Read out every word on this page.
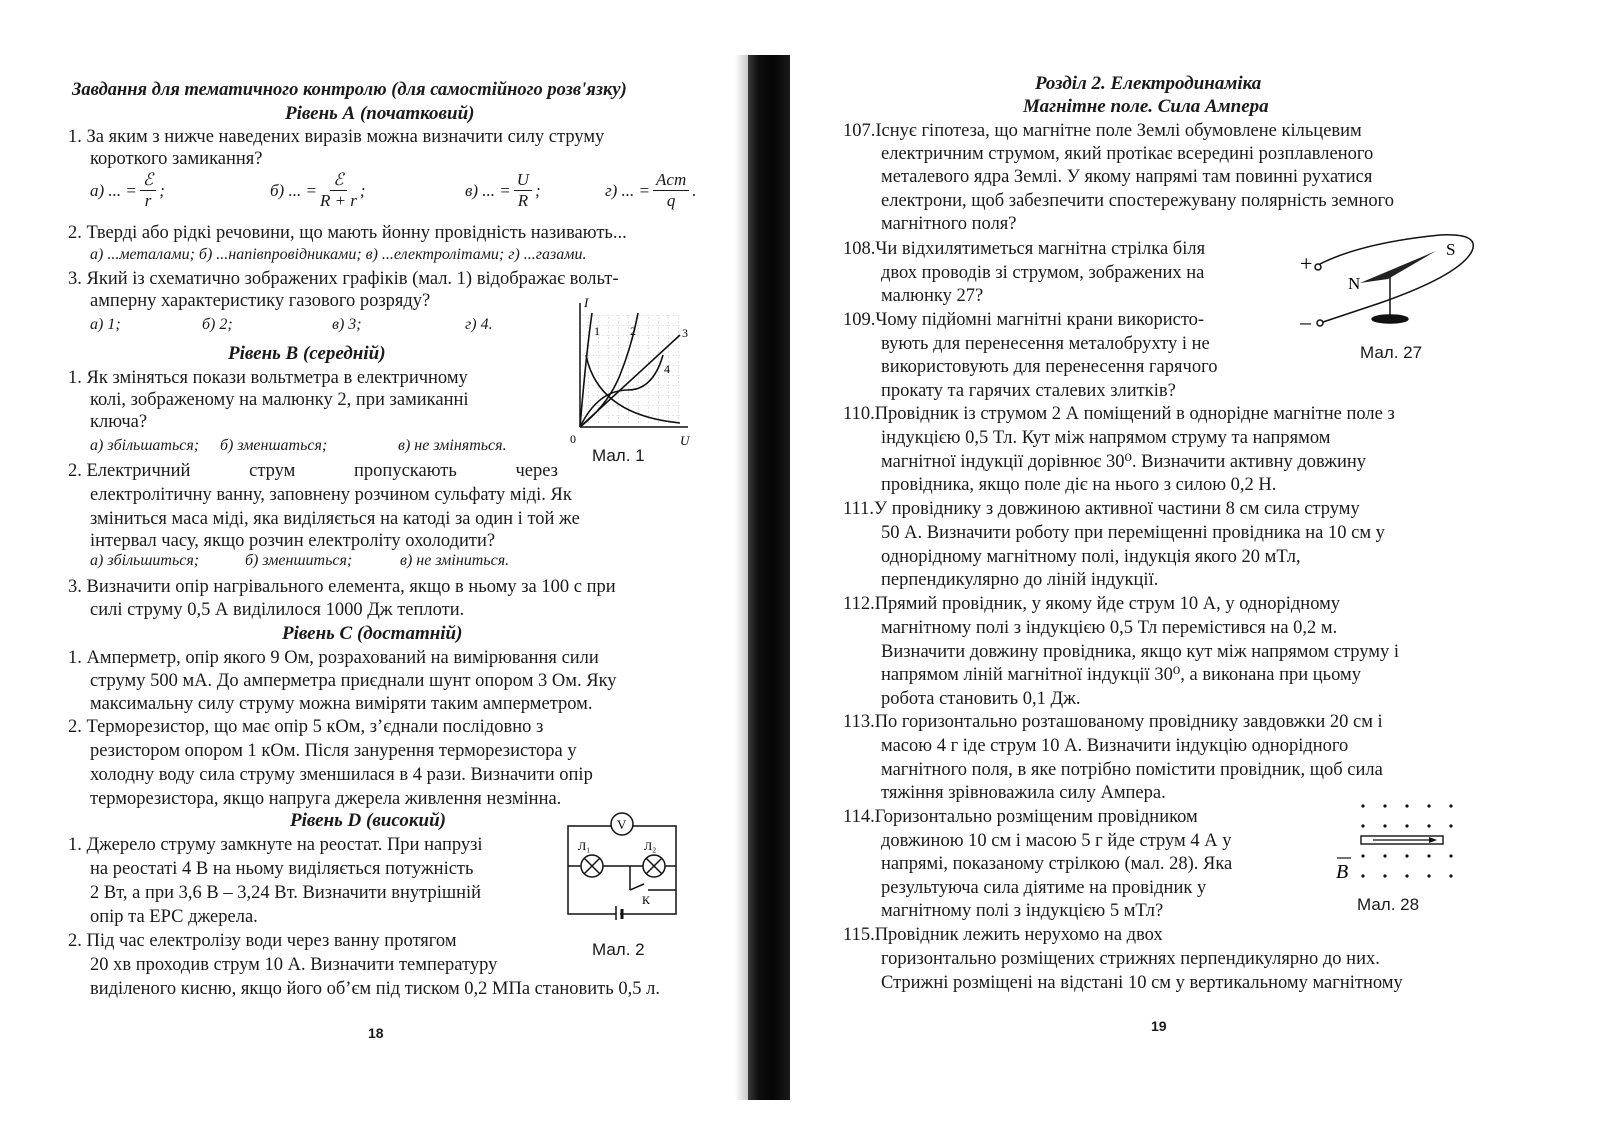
Завдання для тематичного контролю (для самостійного розв'язку)
Рівень А (початковий)
1. За яким з нижче наведених виразів можна визначити силу струму
короткого замикання?
а) ... = $\frac{\text{ℰ}}{r}$ ;	б) ... = $\frac{\text{ℰ}}{R + r}$ ;	в) ... = $\frac{U}{R}$ ;	г) ... = $\frac{\text{Aст}}{q}$ .
2. Тверді або рідкі речовини, що мають йонну провідність називають...
а) ...металами; б) ...напівпровідниками; в) ...електролітами; г) ...газами.
3. Який із схематично зображених графіків (мал. 1) відображає вольт-
амперну характеристику газового розряду?
а) 1;	б) 2;	в) 3;	г) 4.
Рівень В (середній)
1. Як зміняться покази вольтметра в електричному
колі, зображеному на малюнку 2, при замиканні
ключа?
а) збільшаться; б) зменшаться;	в) не зміняться.
2. Електричний	струм	пропускають	через
електролітичну ванну, заповнену розчином сульфату міді. Як
зміниться маса міді, яка виділяється на катоді за один і той же
інтервал часу, якщо розчин електроліту охолодити?
а) збільшиться;	б) зменшиться;	в) не зміниться.
3. Визначити опір нагрівального елемента, якщо в ньому за 100 с при
силі струму 0,5 А виділилося 1000 Дж теплоти.
Рівень С (достатній)
1. Амперметр, опір якого 9 Ом, розрахований на вимірювання сили
струму 500 мА. До амперметра приєднали шунт опором 3 Ом. Яку
максимальну силу струму можна виміряти таким амперметром.
2. Терморезистор, що має опір 5 кОм, з’єднали послідовно з
резистором опором 1 кОм. Після занурення терморезистора у
холодну воду сила струму зменшилася в 4 рази. Визначити опір
терморезистора, якщо напруга джерела живлення незмінна.
Рівень D (високий)
1. Джерело струму замкнуте на реостат. При напрузі
на реостаті 4 В на ньому виділяється потужність
2 Вт, а при 3,6 В – 3,24 Вт. Визначити внутрішній
опір та ЕРС джерела.
2. Під час електролізу води через ванну протягом
20 хв проходив струм 10 А. Визначити температуру
виділеного кисню, якщо його об’єм під тиском 0,2 МПа становить 0,5 л.
I
U
0
1	2	3
4
Мал. 1
V
Л₁	Л₂
К
Мал. 2
18
Розділ 2. Електродинаміка
Магнітне поле. Сила Ампера
107.Існує гіпотеза, що магнітне поле Землі обумовлене кільцевим
електричним струмом, який протікає всередині розплавленого
металевого ядра Землі. У якому напрямі там повинні рухатися
електрони, щоб забезпечити спостережувану полярність земного
магнітного поля?
108.Чи відхилятиметься магнітна стрілка біля
двох проводів зі струмом, зображених на
малюнку 27?
109.Чому підйомні магнітні крани використо-
вують для перенесення металобрухту і не
використовують для перенесення гарячого
прокату та гарячих сталевих злитків?
110.Провідник із струмом 2 А поміщений в однорідне магнітне поле з
індукцією 0,5 Тл. Кут між напрямом струму та напрямом
магнітної індукції дорівнює 30⁰. Визначити активну довжину
провідника, якщо поле діє на нього з силою 0,2 Н.
111.У провіднику з довжиною активної частини 8 см сила струму
50 А. Визначити роботу при переміщенні провідника на 10 см у
однорідному магнітному полі, індукція якого 20 мТл,
перпендикулярно до ліній індукції.
112.Прямий провідник, у якому йде струм 10 А, у однорідному
магнітному полі з індукцією 0,5 Тл перемістився на 0,2 м.
Визначити довжину провідника, якщо кут між напрямом струму і
напрямом ліній магнітної індукції 30⁰, а виконана при цьому
робота становить 0,1 Дж.
113.По горизонтально розташованому провіднику завдовжки 20 см і
масою 4 г іде струм 10 А. Визначити індукцію однорідного
магнітного поля, в яке потрібно помістити провідник, щоб сила
тяжіння зрівноважила силу Ампера.
114.Горизонтально розміщеним провідником
довжиною 10 см і масою 5 г йде струм 4 А у
напрямі, показаному стрілкою (мал. 28). Яка
результуюча сила діятиме на провідник у
магнітному полі з індукцією 5 мТл?
115.Провідник лежить нерухомо на двох
горизонтально розміщених стрижнях перпендикулярно до них.
Стрижні розміщені на відстані 10 см у вертикальному магнітному
+
–
S
N
Мал. 27
B
Мал. 28
19
